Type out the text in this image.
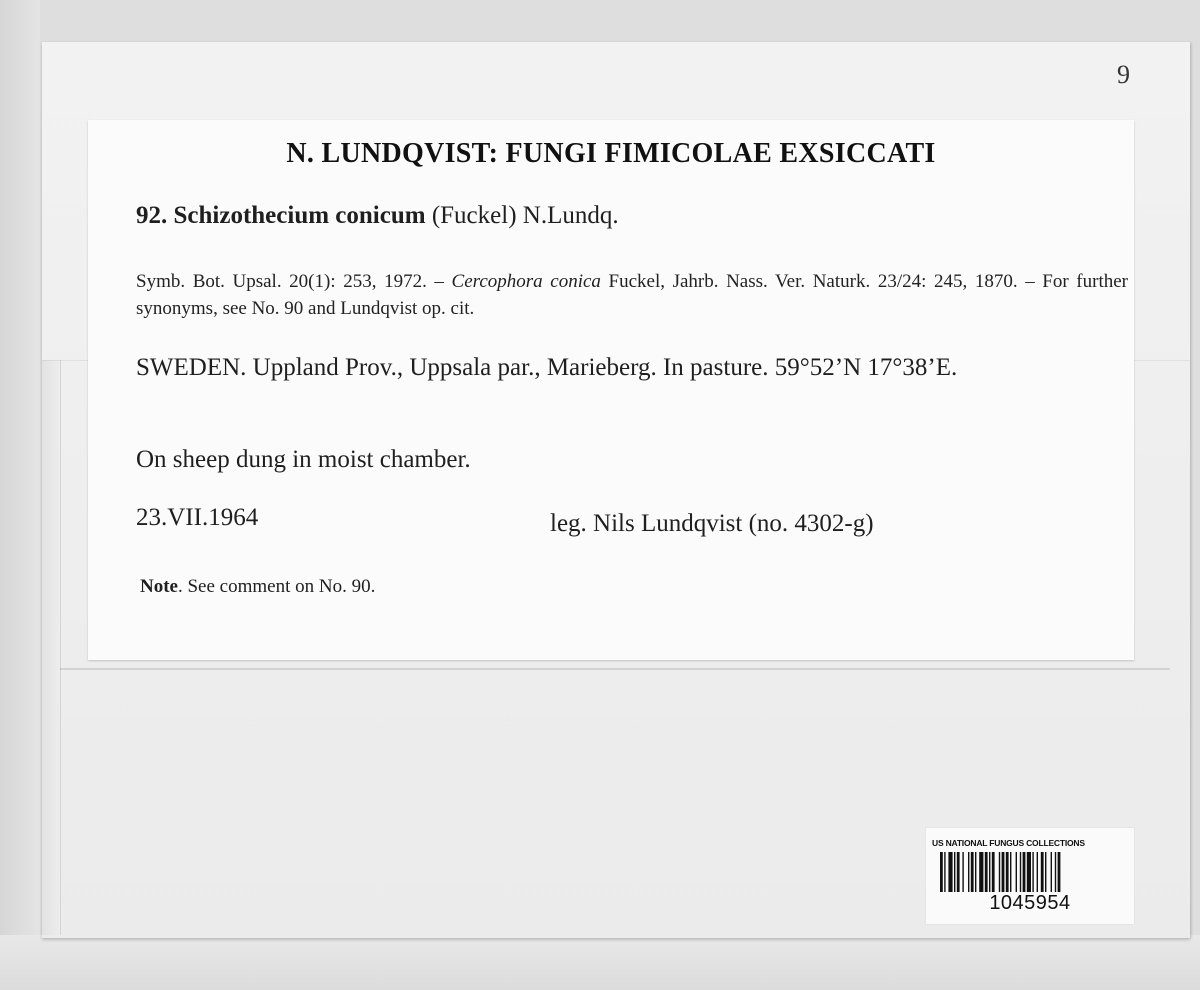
9
N. LUNDQVIST: FUNGI FIMICOLAE EXSICCATI
92. Schizothecium conicum (Fuckel) N.Lundq.
Symb. Bot. Upsal. 20(1): 253, 1972. – Cercophora conica Fuckel, Jahrb. Nass. Ver. Naturk. 23/24: 245, 1870. – For further synonyms, see No. 90 and Lundqvist op. cit.
SWEDEN. Uppland Prov., Uppsala par., Marieberg. In pasture. 59°52’N 17°38’E.
On sheep dung in moist chamber.
23.VII.1964	leg. Nils Lundqvist (no. 4302-g)
Note. See comment on No. 90.
US NATIONAL FUNGUS COLLECTIONS
1045954
